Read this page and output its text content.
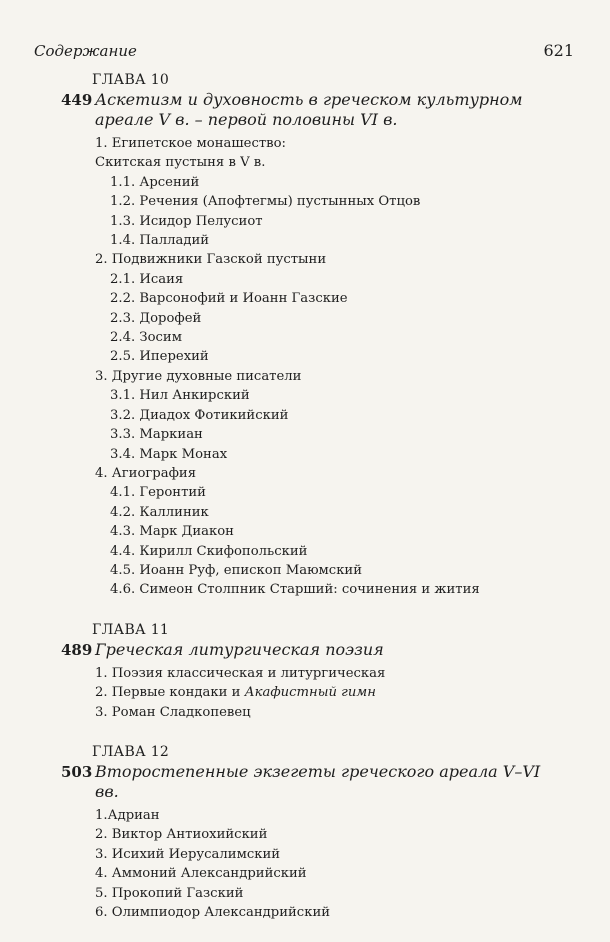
Содержание	621
ГЛАВА 10
449 Аскетизм и духовность в греческом культурном
ареале V в. – первой половины VI в.
1. Египетское монашество:
Скитская пустыня в V в.
1.1. Арсений
1.2. Речения (Апофтегмы) пустынных Отцов
1.3. Исидор Пелусиот
1.4. Палладий
2. Подвижники Газской пустыни
2.1. Исаия
2.2. Варсонофий и Иоанн Газские
2.3. Дорофей
2.4. Зосим
2.5. Иперехий
3. Другие духовные писатели
3.1. Нил Анкирский
3.2. Диадох Фотикийский
3.3. Маркиан
3.4. Марк Монах
4. Агиография
4.1. Геронтий
4.2. Каллиник
4.3. Марк Диакон
4.4. Кирилл Скифопольский
4.5. Иоанн Руф, епископ Маюмский
4.6. Симеон Столпник Старший: сочинения и жития
ГЛАВА 11
489 Греческая литургическая поэзия
1. Поэзия классическая и литургическая
2. Первые кондаки и Акафистный гимн
3. Роман Сладкопевец
ГЛАВА 12
503 Второстепенные экзегеты греческого ареала V–VI вв.
1.Адриан
2. Виктор Антиохийский
3. Исихий Иерусалимский
4. Аммоний Александрийский
5. Прокопий Газский
6. Олимпиодор Александрийский
